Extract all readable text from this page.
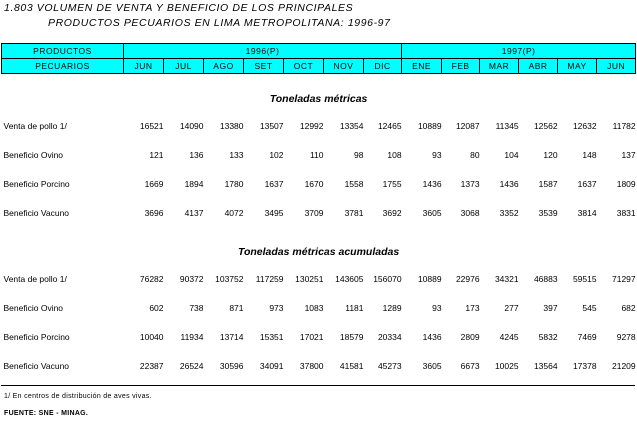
1.803 VOLUMEN DE VENTA Y BENEFICIO DE LOS PRINCIPALES
PRODUCTOS PECUARIOS EN LIMA METROPOLITANA: 1996-97
PRODUCTOS	1996(P)							1997(P)					
PECUARIOS	JUN	JUL	AGO	SET	OCT	NOV	DIC	ENE	FEB	MAR	ABR	MAY	JUN

Toneladas métricas													
Venta de pollo 1/	16521	14090	13380	13507	12992	13354	12465	10889	12087	11345	12562	12632	11782
Beneficio Ovino	121	136	133	102	110	98	108	93	80	104	120	148	137
Beneficio Porcino	1669	1894	1780	1637	1670	1558	1755	1436	1373	1436	1587	1637	1809
Beneficio Vacuno	3696	4137	4072	3495	3709	3781	3692	3605	3068	3352	3539	3814	3831

Toneladas métricas acumuladas													
Venta de pollo 1/	76282	90372	103752	117259	130251	143605	156070	10889	22976	34321	46883	59515	71297
Beneficio Ovino	602	738	871	973	1083	1181	1289	93	173	277	397	545	682
Beneficio Porcino	10040	11934	13714	15351	17021	18579	20334	1436	2809	4245	5832	7469	9278
Beneficio Vacuno	22387	26524	30596	34091	37800	41581	45273	3605	6673	10025	13564	17378	21209
1/ En centros de distribución de aves vivas.
FUENTE: SNE - MINAG.
